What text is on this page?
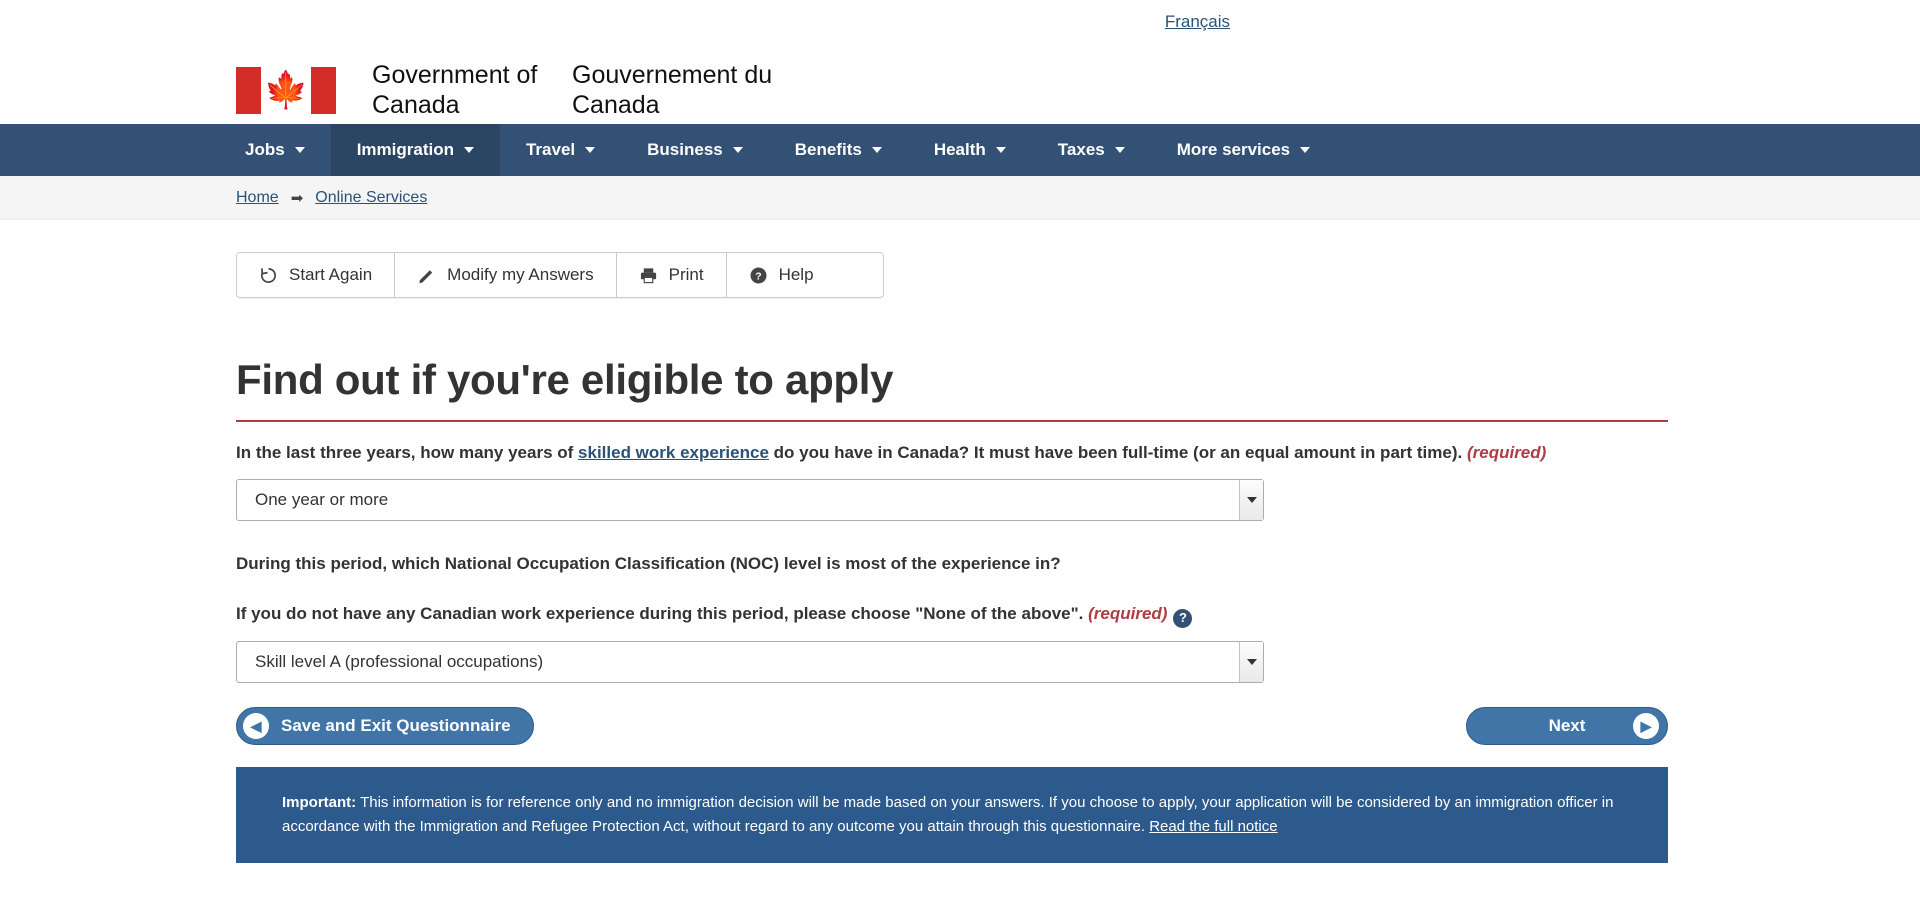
Français
🍁	Government of Canada
Gouvernement du Canada
Jobs	Immigration	Travel	Business	Benefits	Health	Taxes	More services
Home ➡ Online Services
Start Again	Modify my Answers	Print	? Help
Find out if you're eligible to apply
In the last three years, how many years of skilled work experience do you have in Canada? It must have been full-time (or an equal amount in part time). (required)
One year or more
During this period, which National Occupation Classification (NOC) level is most of the experience in?
If you do not have any Canadian work experience during this period, please choose "None of the above". (required) ?
Skill level A (professional occupations)
◀	Save and Exit Questionnaire	Next	▶
Important: This information is for reference only and no immigration decision will be made based on your answers. If you choose to apply, your application will be considered by an immigration officer in accordance with the Immigration and Refugee Protection Act, without regard to any outcome you attain through this questionnaire. Read the full notice
